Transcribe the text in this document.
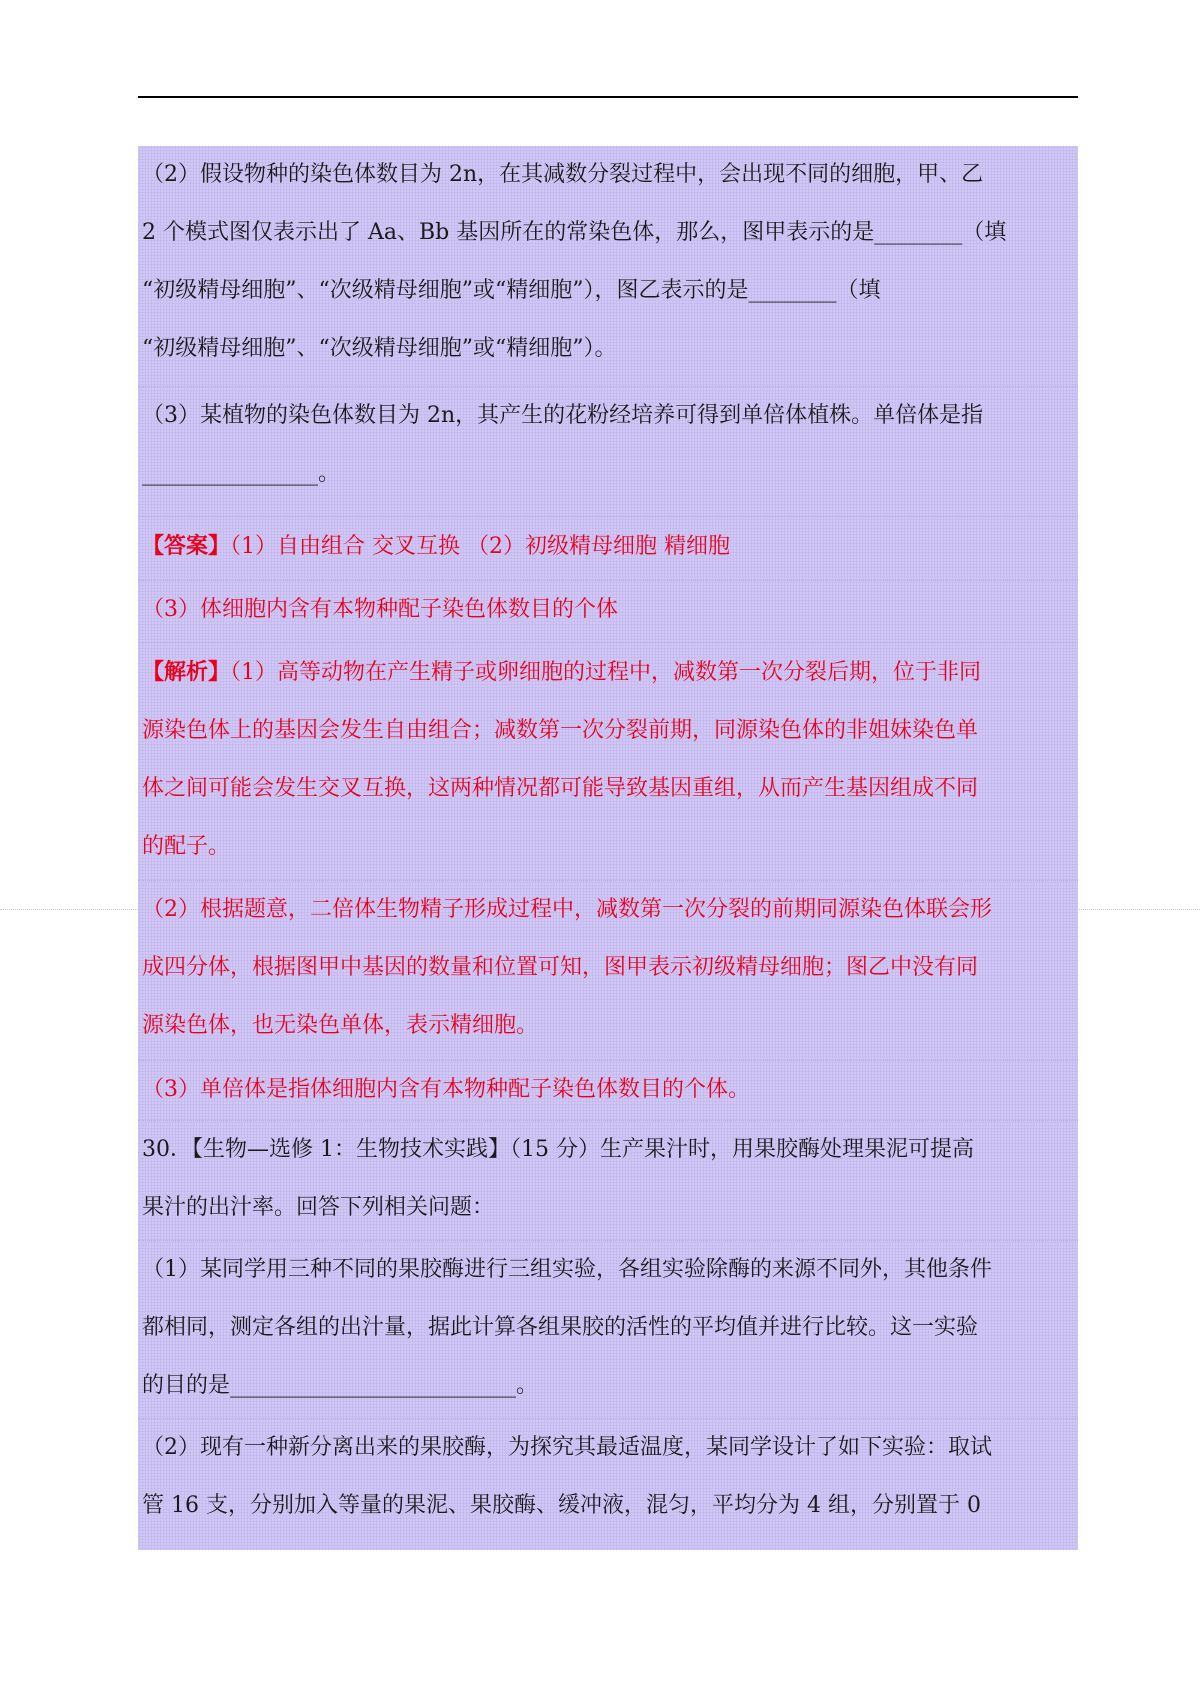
（2）假设物种的染色体数目为 2n，在其减数分裂过程中，会出现不同的细胞，甲、乙

2 个模式图仅表示出了 Aa、Bb 基因所在的常染色体，那么，图甲表示的是________（填

“初级精母细胞”、“次级精母细胞”或“精细胞”），图乙表示的是________（填

“初级精母细胞”、“次级精母细胞”或“精细胞”）。

（3）某植物的染色体数目为 2n，其产生的花粉经培养可得到单倍体植株。单倍体是指

________________。

【答案】（1）自由组合 交叉互换 （2）初级精母细胞 精细胞

（3）体细胞内含有本物种配子染色体数目的个体

【解析】（1）高等动物在产生精子或卵细胞的过程中，减数第一次分裂后期，位于非同

源染色体上的基因会发生自由组合；减数第一次分裂前期，同源染色体的非姐妹染色单

体之间可能会发生交叉互换，这两种情况都可能导致基因重组，从而产生基因组成不同

的配子。

（2）根据题意，二倍体生物精子形成过程中，减数第一次分裂的前期同源染色体联会形

成四分体，根据图甲中基因的数量和位置可知，图甲表示初级精母细胞；图乙中没有同

源染色体，也无染色单体，表示精细胞。

（3）单倍体是指体细胞内含有本物种配子染色体数目的个体。

30．【生物—选修 1：生物技术实践】（15 分）生产果汁时，用果胶酶处理果泥可提高

果汁的出汁率。回答下列相关问题：

（1）某同学用三种不同的果胶酶进行三组实验，各组实验除酶的来源不同外，其他条件

都相同，测定各组的出汁量，据此计算各组果胶的活性的平均值并进行比较。这一实验

的目的是__________________________。

（2）现有一种新分离出来的果胶酶，为探究其最适温度，某同学设计了如下实验：取试

管 16 支，分别加入等量的果泥、果胶酶、缓冲液，混匀，平均分为 4 组，分别置于 0
